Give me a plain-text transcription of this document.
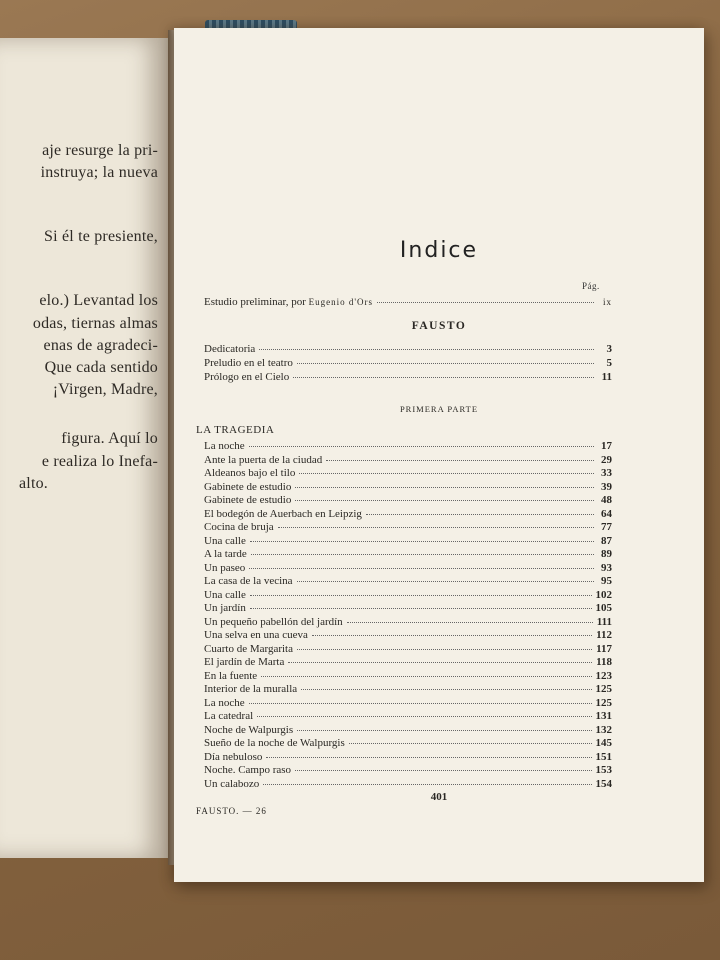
aje resurge la pri-
instruya; la nueva
Si él te presiente,
elo.) Levantad los
odas, tiernas almas
enas de agradeci-
Que cada sentido
¡Virgen, Madre,
figura. Aquí lo
e realiza lo Inefa-
alto.
Indice
Pág.
Estudio preliminar, por Eugenio d'Ors	ix
FAUSTO
Dedicatoria	3
Preludio en el teatro	5
Prólogo en el Cielo	11
PRIMERA PARTE
LA TRAGEDIA
La noche	17
Ante la puerta de la ciudad	29
Aldeanos bajo el tilo	33
Gabinete de estudio	39
Gabinete de estudio	48
El bodegón de Auerbach en Leipzig	64
Cocina de bruja	77
Una calle	87
A la tarde	89
Un paseo	93
La casa de la vecina	95
Una calle	102
Un jardín	105
Un pequeño pabellón del jardín	111
Una selva en una cueva	112
Cuarto de Margarita	117
El jardín de Marta	118
En la fuente	123
Interior de la muralla	125
La noche	125
La catedral	131
Noche de Walpurgis	132
Sueño de la noche de Walpurgis	145
Día nebuloso	151
Noche. Campo raso	153
Un calabozo	154
401
FAUSTO. — 26
